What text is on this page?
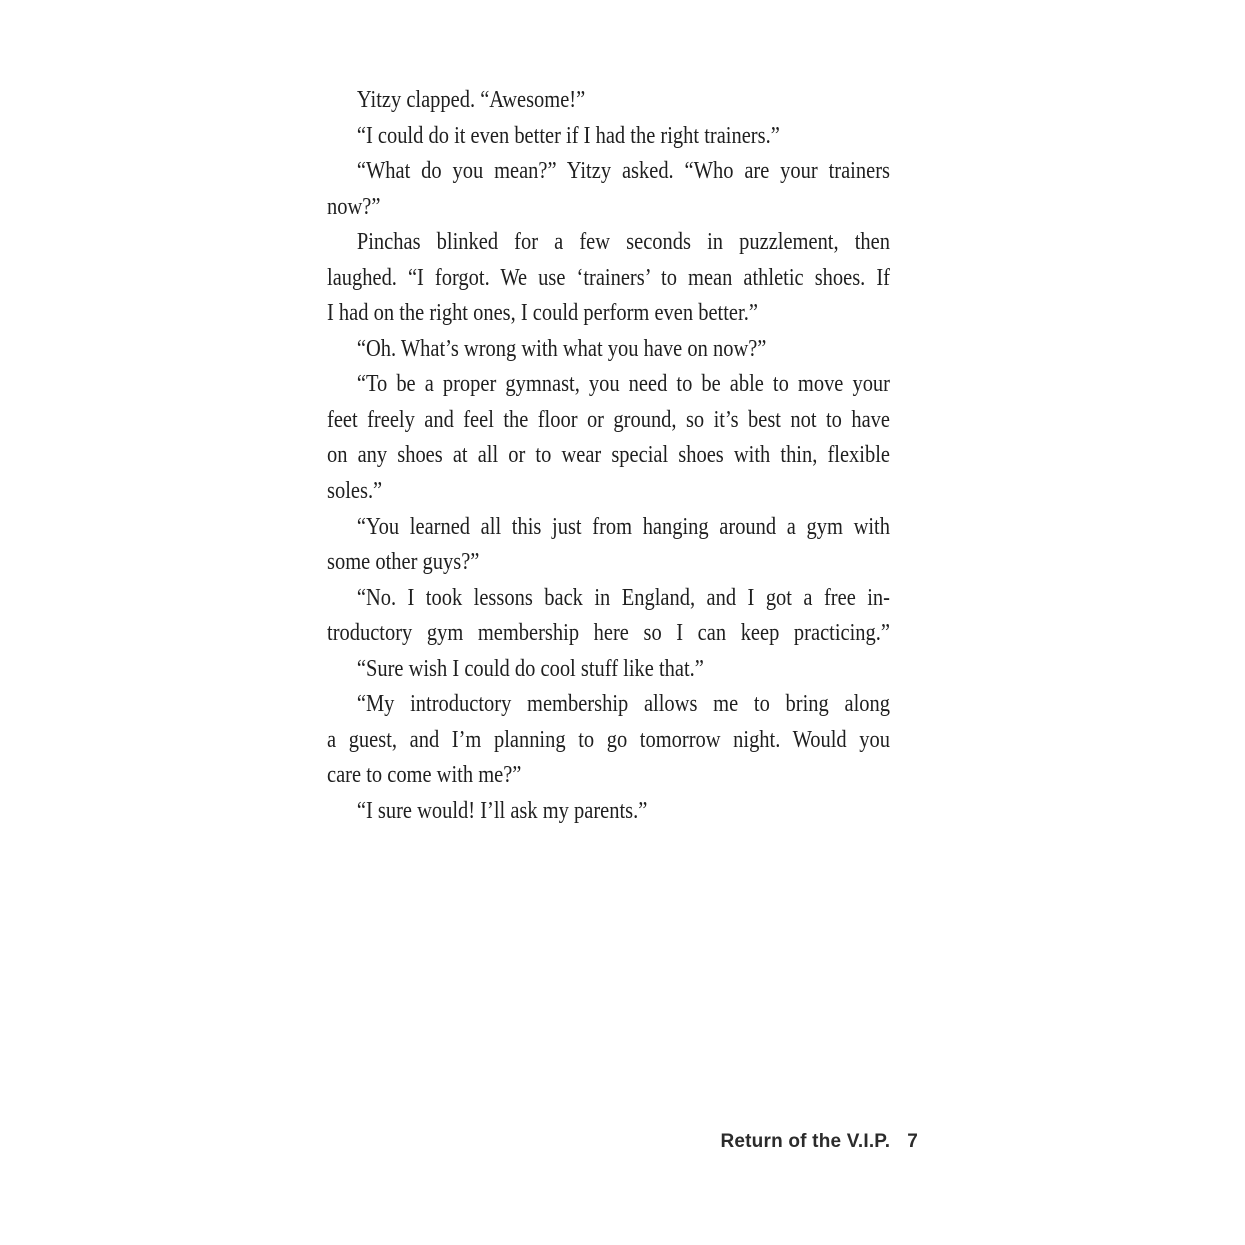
Yitzy clapped. “Awesome!”
“I could do it even better if I had the right trainers.”
“What do you mean?” Yitzy asked. “Who are your trainers
now?”
Pinchas blinked for a few seconds in puzzlement, then
laughed. “I forgot. We use ‘trainers’ to mean athletic shoes. If
I had on the right ones, I could perform even better.”
“Oh. What’s wrong with what you have on now?”
“To be a proper gymnast, you need to be able to move your
feet freely and feel the floor or ground, so it’s best not to have
on any shoes at all or to wear special shoes with thin, flexible
soles.”
“You learned all this just from hanging around a gym with
some other guys?”
“No. I took lessons back in England, and I got a free in-
troductory gym membership here so I can keep practicing.”
“Sure wish I could do cool stuff like that.”
“My introductory membership allows me to bring along
a guest, and I’m planning to go tomorrow night. Would you
care to come with me?”
“I sure would! I’ll ask my parents.”
Return of the V.I.P. 7
